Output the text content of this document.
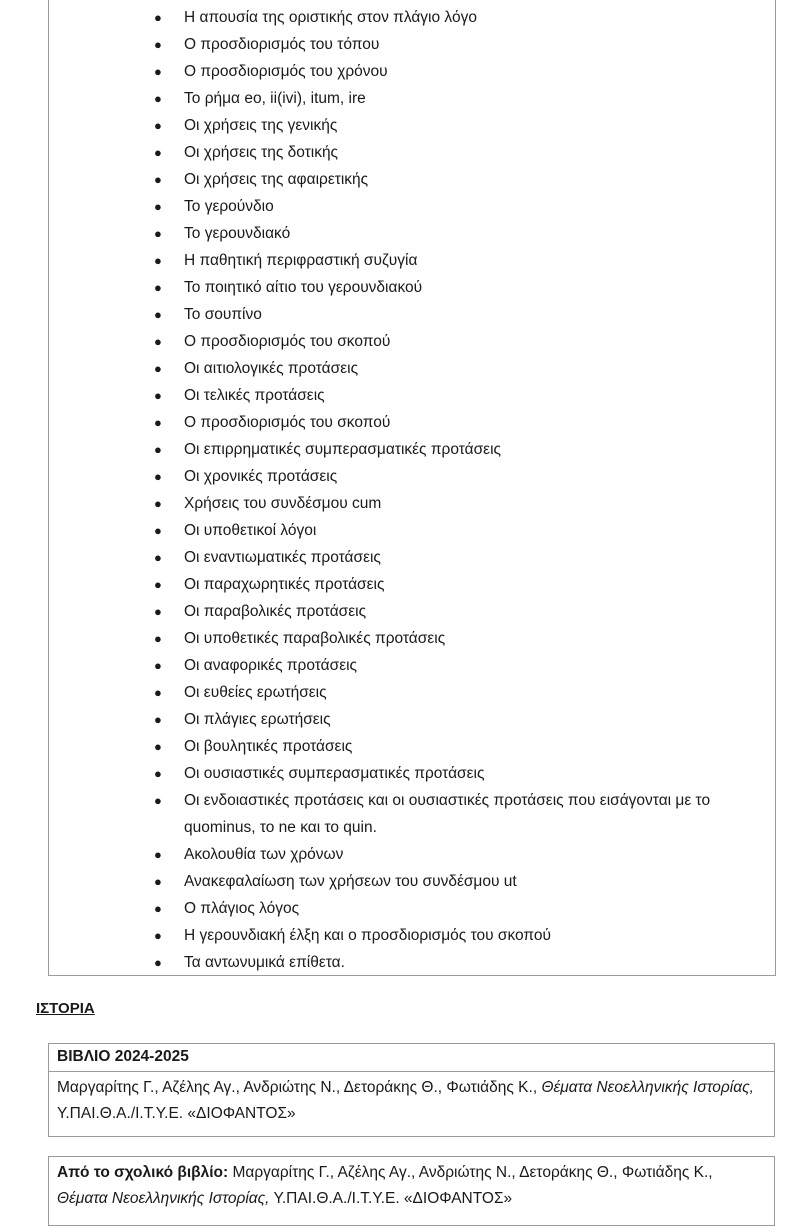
● Η απουσία της οριστικής στον πλάγιο λόγο
● Ο προσδιορισμός του τόπου
● Ο προσδιορισμός του χρόνου
● Το ρήμα eo, ii(ivi), itum, ire
● Οι χρήσεις της γενικής
● Οι χρήσεις της δοτικής
● Οι χρήσεις της αφαιρετικής
● Το γερούνδιο
● Το γερουνδιακό
● Η παθητική περιφραστική συζυγία
● Το ποιητικό αίτιο του γερουνδιακού
● Το σουπίνο
● Ο προσδιορισμός του σκοπού
● Οι αιτιολογικές προτάσεις
● Οι τελικές προτάσεις
● Ο προσδιορισμός του σκοπού
● Οι επιρρηματικές συμπερασματικές προτάσεις
● Οι χρονικές προτάσεις
● Χρήσεις του συνδέσμου cum
● Οι υποθετικοί λόγοι
● Οι εναντιωματικές προτάσεις
● Οι παραχωρητικές προτάσεις
● Οι παραβολικές προτάσεις
● Οι υποθετικές παραβολικές προτάσεις
● Οι αναφορικές προτάσεις
● Οι ευθείες ερωτήσεις
● Οι πλάγιες ερωτήσεις
● Οι βουλητικές προτάσεις
● Οι ουσιαστικές συμπερασματικές προτάσεις
● Οι ενδοιαστικές προτάσεις και οι ουσιαστικές προτάσεις που εισάγονται με το quominus, το ne και το quin.
● Ακολουθία των χρόνων
● Ανακεφαλαίωση των χρήσεων του συνδέσμου ut
● Ο πλάγιος λόγος
● Η γερουνδιακή έλξη και ο προσδιορισμός του σκοπού
● Τα αντωνυμικά επίθετα.
ΙΣΤΟΡΙΑ
ΒΙΒΛΙΟ 2024-2025
Μαργαρίτης Γ., Αζέλης Αγ., Ανδριώτης Ν., Δετοράκης Θ., Φωτιάδης Κ., Θέματα Νεοελληνικής Ιστορίας, Υ.ΠΑΙ.Θ.Α./Ι.Τ.Υ.Ε. «ΔΙΟΦΑΝΤΟΣ»
Από το σχολικό βιβλίο: Μαργαρίτης Γ., Αζέλης Αγ., Ανδριώτης Ν., Δετοράκης Θ., Φωτιάδης Κ., Θέματα Νεοελληνικής Ιστορίας, Υ.ΠΑΙ.Θ.Α./Ι.Τ.Υ.Ε. «ΔΙΟΦΑΝΤΟΣ»
